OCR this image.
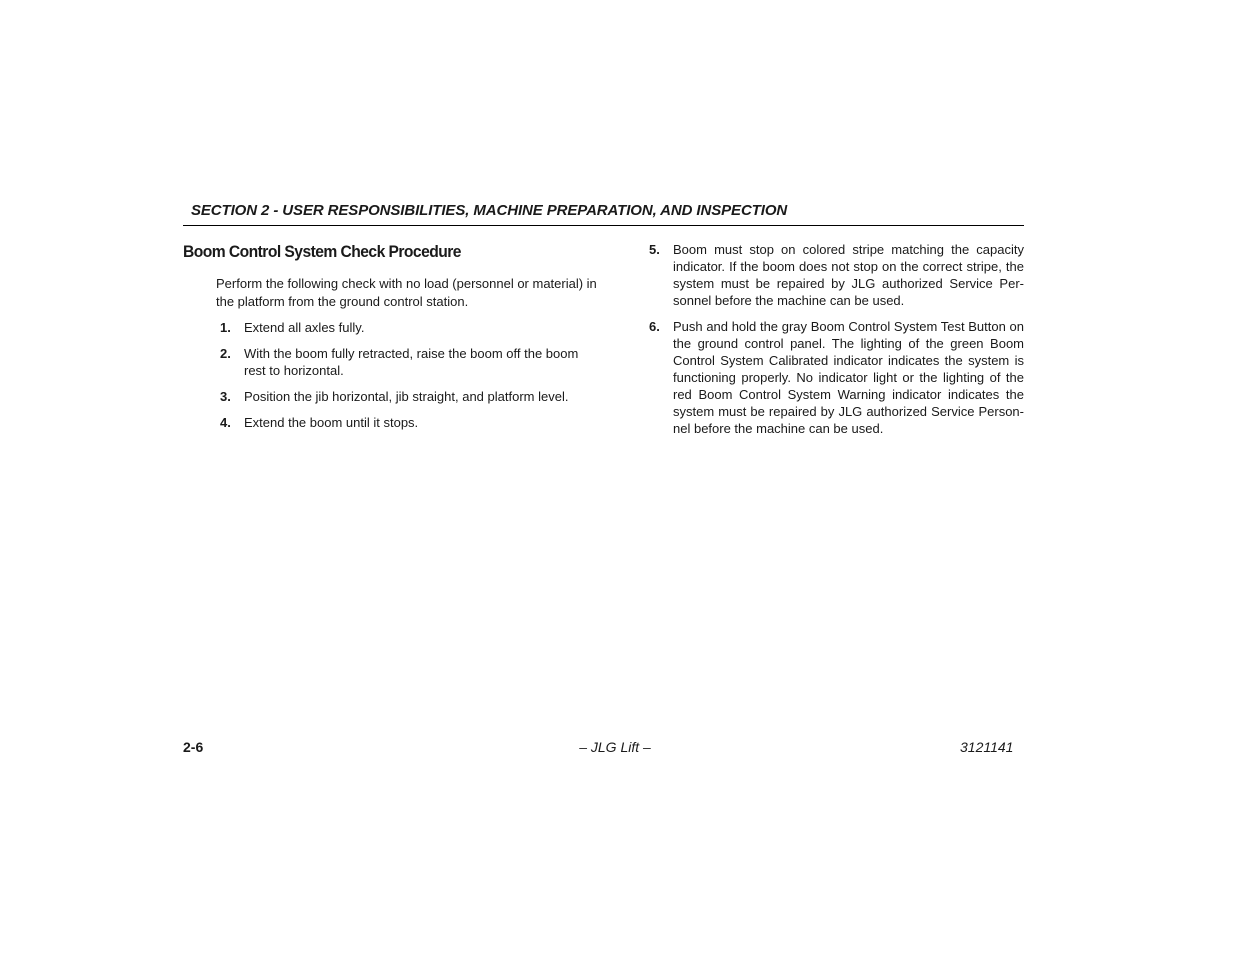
SECTION 2 - USER RESPONSIBILITIES, MACHINE PREPARATION, AND INSPECTION
Boom Control System Check Procedure

Perform the following check with no load (personnel or material) in the platform from the ground control station.

1.	Extend all axles fully.
2.	With the boom fully retracted, raise the boom off the boom rest to horizontal.
3.	Position the jib horizontal, jib straight, and platform level.
4.	Extend the boom until it stops.
5.	Boom must stop on colored stripe matching the capacity indicator. If the boom does not stop on the correct stripe, the system must be repaired by JLG authorized Service Per-sonnel before the machine can be used.
6.	Push and hold the gray Boom Control System Test Button on the ground control panel. The lighting of the green Boom Control System Calibrated indicator indicates the system is functioning properly. No indicator light or the lighting of the red Boom Control System Warning indicator indicates the system must be repaired by JLG authorized Service Person-nel before the machine can be used.
2-6	– JLG Lift –	3121141
